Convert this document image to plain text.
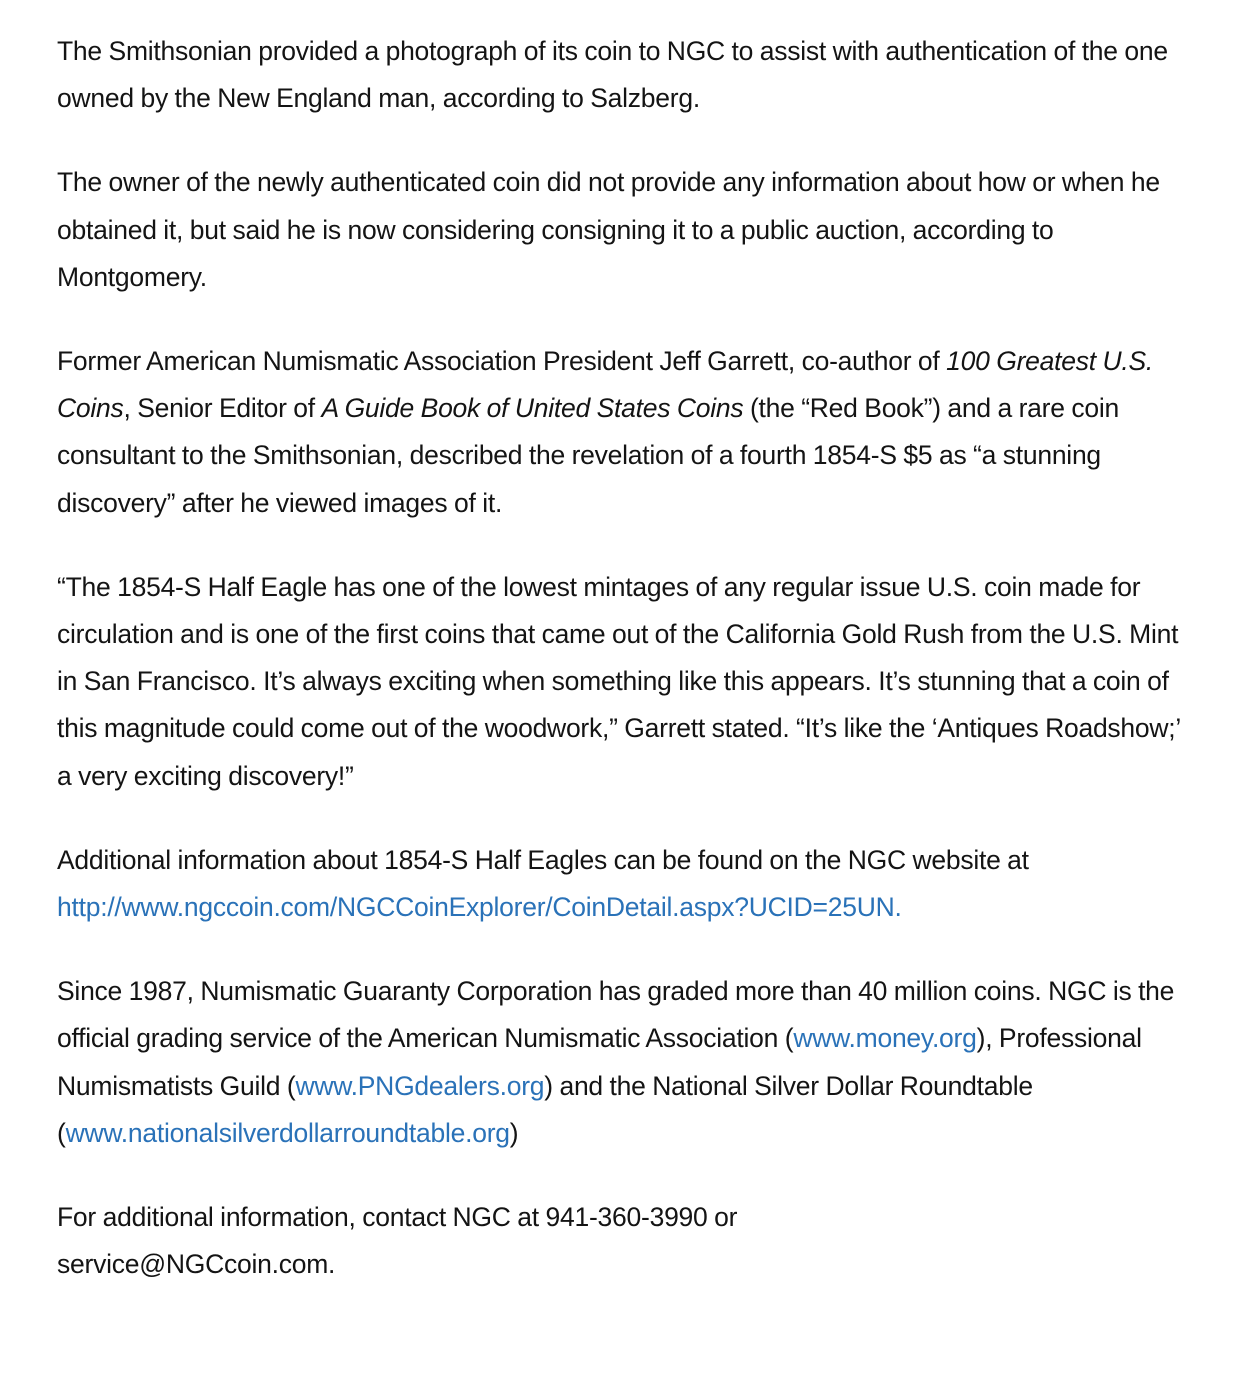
The Smithsonian provided a photograph of its coin to NGC to assist with authentication of the one owned by the New England man, according to Salzberg.

The owner of the newly authenticated coin did not provide any information about how or when he obtained it, but said he is now considering consigning it to a public auction, according to Montgomery.

Former American Numismatic Association President Jeff Garrett, co-author of 100 Greatest U.S. Coins, Senior Editor of A Guide Book of United States Coins (the “Red Book”) and a rare coin consultant to the Smithsonian, described the revelation of a fourth 1854-S $5 as “a stunning discovery” after he viewed images of it.

“The 1854-S Half Eagle has one of the lowest mintages of any regular issue U.S. coin made for circulation and is one of the first coins that came out of the California Gold Rush from the U.S. Mint in San Francisco. It’s always exciting when something like this appears. It’s stunning that a coin of this magnitude could come out of the woodwork,” Garrett stated. “It’s like the ‘Antiques Roadshow;’ a very exciting discovery!”

Additional information about 1854-S Half Eagles can be found on the NGC website at http://www.ngccoin.com/NGCCoinExplorer/CoinDetail.aspx?UCID=25UN.

Since 1987, Numismatic Guaranty Corporation has graded more than 40 million coins. NGC is the official grading service of the American Numismatic Association (www.money.org), Professional Numismatists Guild (www.PNGdealers.org) and the National Silver Dollar Roundtable (www.nationalsilverdollarroundtable.org)

For additional information, contact NGC at 941-360-3990 or
service@NGCcoin.com.
